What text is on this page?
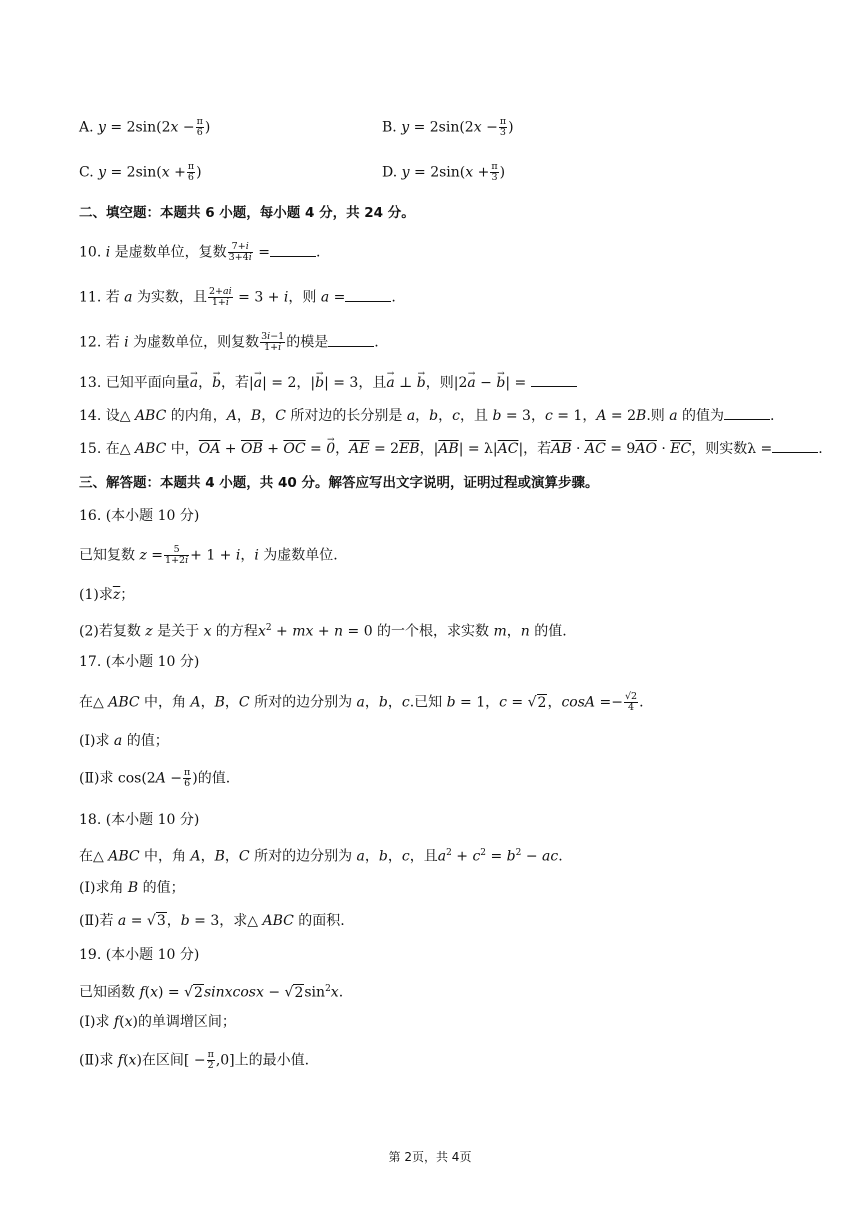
A. $y = 2\sin(2x - \frac{\pi}{6}$ )	B. $y = 2\sin(2x - \frac{\pi}{3}$ )
C. $y = 2\sin(x + \frac{\pi}{6}$ )	D. $y = 2\sin(x + \frac{\pi}{3}$ )
二、填空题：本题共 6 小题，每小题 4 分，共 24 分。
10. i 是虚数单位，复数 $\frac{7+i}{3+4i}$ =	.
11. 若 a 为实数，且 $\frac{2+ai}{1+i} = 3 + i$，则 a =	.
12. 若 i 为虚数单位，则复数 $\frac{3i-1}{1+i}$ 的模是	.
13. 已知平面向量→ a，→ b，若|→ a| = 2，|→ b| = 3，且→ a ⊥ → b，则|2→ a − → b| =
14. 设△ ABC 的内角，A，B，C 所对边的长分别是 a，b，c，且 b = 3，c = 1，A = 2B.则 a 的值为	.
15. 在△ ABC 中，$\overline{OA} + \overline{OB} + \overline{OC}$ = → 0，$\overline{AE} = 2\overline{EB}$，$|\overline{AB}| = \lambda|\overline{AC}|$，若$\overline{AB} \cdot \overline{AC} = 9\overline{AO} \cdot \overline{EC}$，则实数λ =	.
三、解答题：本题共 4 小题，共 40 分。解答应写出文字说明，证明过程或演算步骤。
16. (本小题 10 分)
已知复数 $z = \frac{5}{1+2i} + 1 + i$，i 为虚数单位.
(1)求$\overline{z}$；
(2)若复数 z 是关于 x 的方程$x^2$ + mx + n = 0 的一个根，求实数 m，n 的值.
17. (本小题 10 分)
在△ ABC 中，角 A，B，C 所对的边分别为 a，b，c.已知 b = 1，c = √2，$\cos A =- \frac{√2}{4}$ .
(Ⅰ)求 a 的值；
(Ⅱ)求 $\cos(2A - \frac{\pi}{6}$ )的值.
18. (本小题 10 分)
在△ ABC 中，角 A，B，C 所对的边分别为 a，b，c，且$a^2 + c^2 = b^2$ − ac.
(Ⅰ)求角 B 的值；
(Ⅱ)若 a = √3，b = 3，求△ ABC 的面积.
19. (本小题 10 分)
已知函数 f(x) = √2sinxcosx − $√2\sin^2x$.
(Ⅰ)求 f(x)的单调增区间；
(Ⅱ)求 f(x)在区间[ − $\frac{\pi}{2} ,0$]上的最小值.
第 2页，共 4页
